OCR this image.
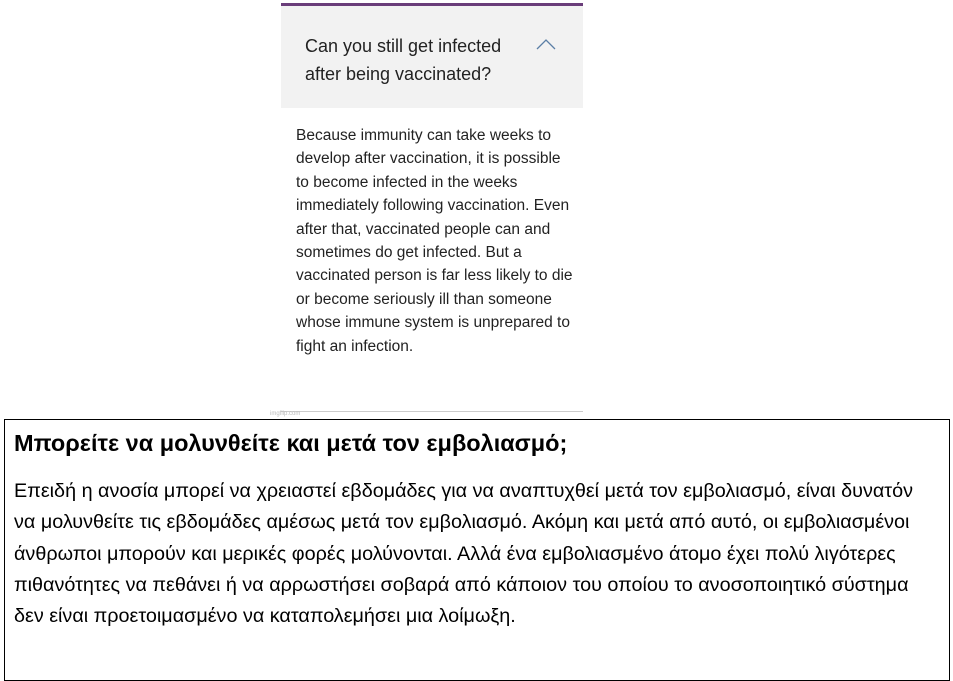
Can you still get infected after being vaccinated?

Because immunity can take weeks to develop after vaccination, it is possible to become infected in the weeks immediately following vaccination. Even after that, vaccinated people can and sometimes do get infected. But a vaccinated person is far less likely to die or become seriously ill than someone whose immune system is unprepared to fight an infection.

imgflip.com
Μπορείτε να μολυνθείτε και μετά τον εμβολιασμό;

Επειδή η ανοσία μπορεί να χρειαστεί εβδομάδες για να αναπτυχθεί μετά τον εμβολιασμό, είναι δυνατόν να μολυνθείτε τις εβδομάδες αμέσως μετά τον εμβολιασμό. Ακόμη και μετά από αυτό, οι εμβολιασμένοι άνθρωποι μπορούν και μερικές φορές μολύνονται. Αλλά ένα εμβολιασμένο άτομο έχει πολύ λιγότερες πιθανότητες να πεθάνει ή να αρρωστήσει σοβαρά από κάποιον του οποίου το ανοσοποιητικό σύστημα δεν είναι προετοιμασμένο να καταπολεμήσει μια λοίμωξη.
